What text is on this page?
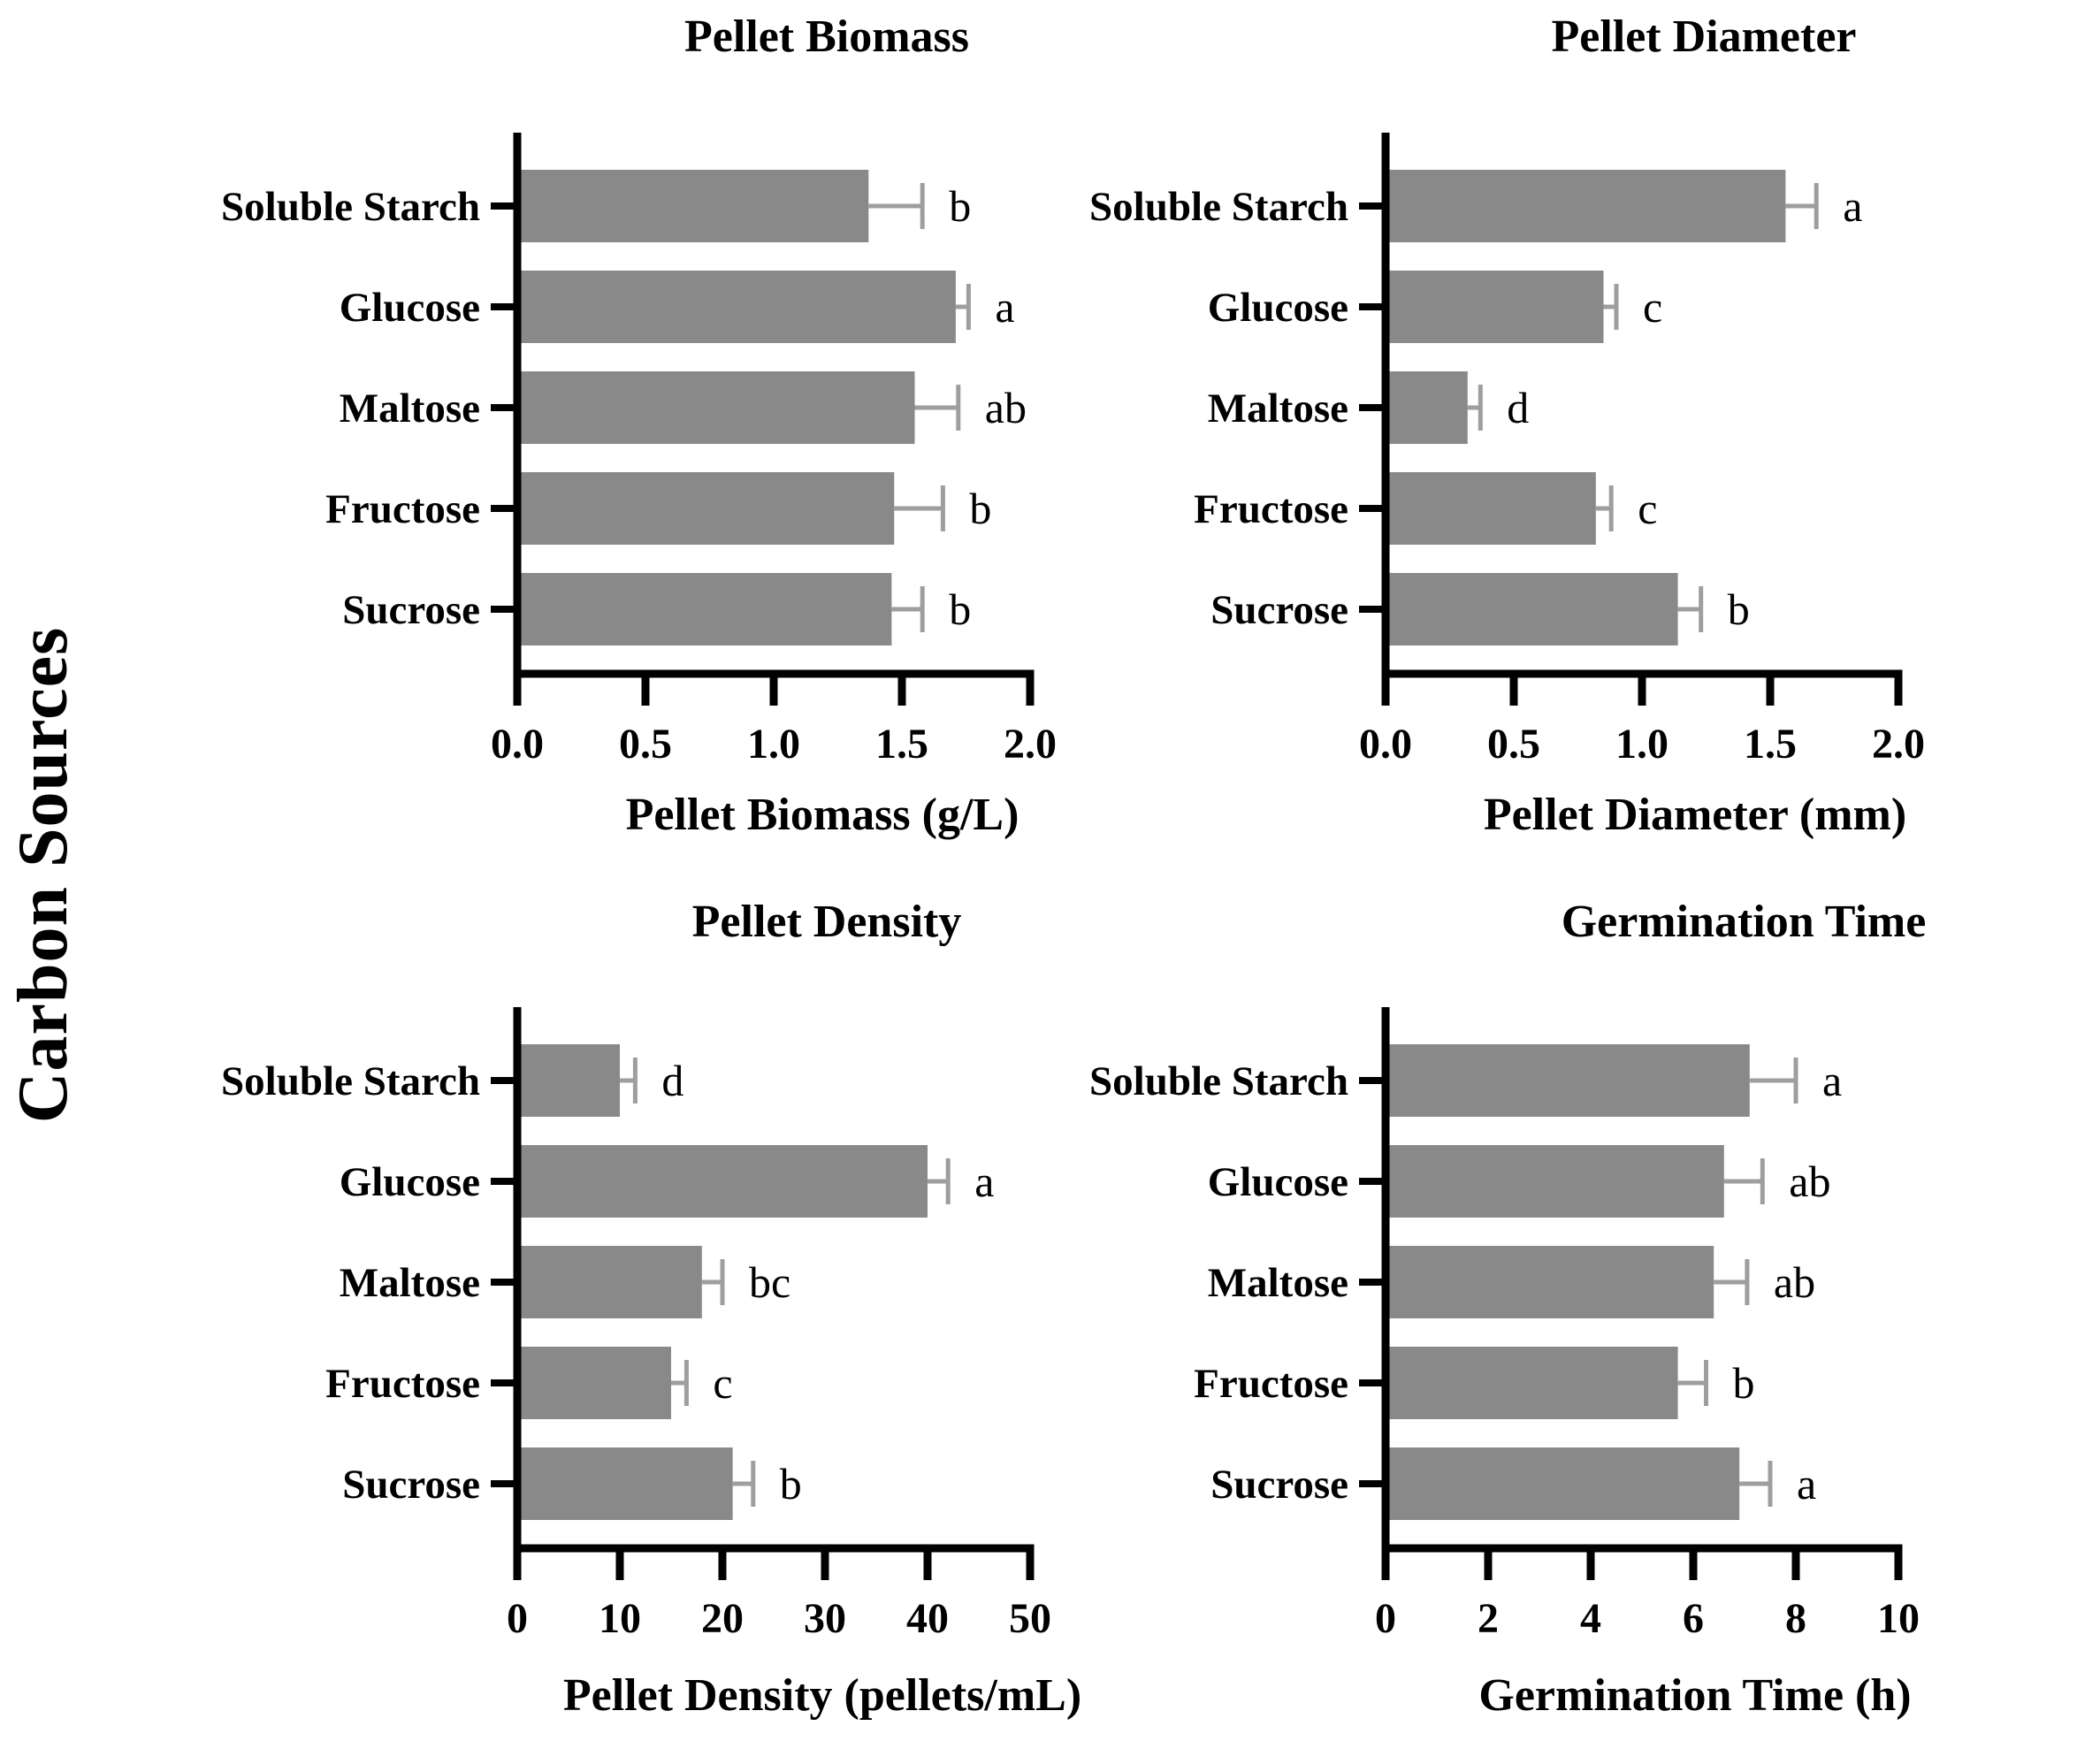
Carbon Sources
Pellet Biomass
0.0 0.5 1.0 1.5 2.0
Soluble Starch	b
Glucose	a
Maltose	ab
Fructose	b
Sucrose	b
Pellet Biomass (g/L)
Pellet Diameter
0.0 0.5 1.0 1.5 2.0
Soluble Starch	a
Glucose	c
Maltose	d
Fructose	c
Sucrose	b
Pellet Diameter (mm)
Pellet Density
0 10 20 30 40 50
Soluble Starch	d
Glucose	a
Maltose	bc
Fructose	c
Sucrose	b
Pellet Density (pellets/mL)
Germination Time
0 2 4 6 8 10
Soluble Starch	a
Glucose	ab
Maltose	ab
Fructose	b
Sucrose	a
Germination Time (h)
